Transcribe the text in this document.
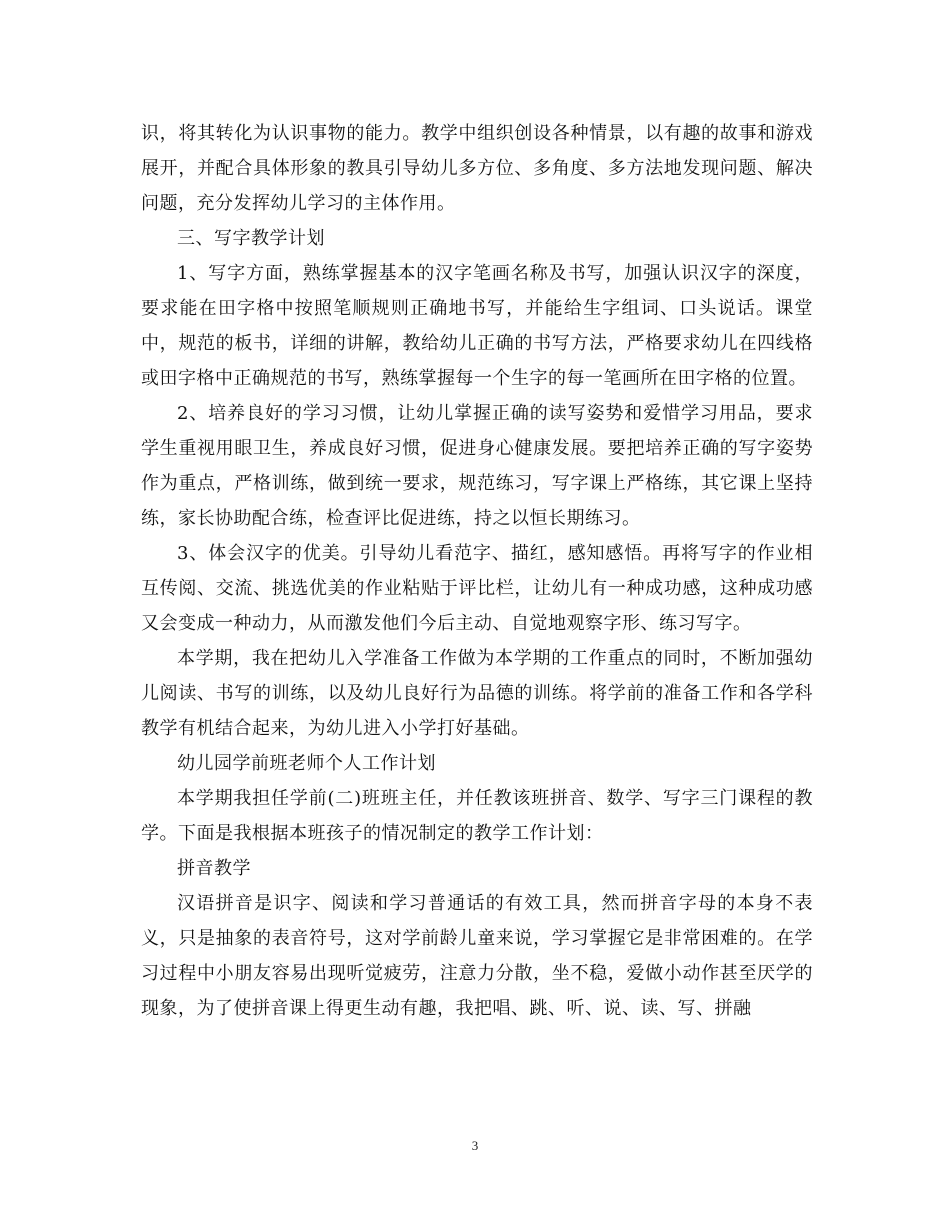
识，将其转化为认识事物的能力。教学中组织创设各种情景，以有趣的故事和游戏展开，并配合具体形象的教具引导幼儿多方位、多角度、多方法地发现问题、解决问题，充分发挥幼儿学习的主体作用。

三、写字教学计划

1、写字方面，熟练掌握基本的汉字笔画名称及书写，加强认识汉字的深度，要求能在田字格中按照笔顺规则正确地书写，并能给生字组词、口头说话。课堂中，规范的板书，详细的讲解，教给幼儿正确的书写方法，严格要求幼儿在四线格或田字格中正确规范的书写，熟练掌握每一个生字的每一笔画所在田字格的位置。

2、培养良好的学习习惯，让幼儿掌握正确的读写姿势和爱惜学习用品，要求学生重视用眼卫生，养成良好习惯，促进身心健康发展。要把培养正确的写字姿势作为重点，严格训练，做到统一要求，规范练习，写字课上严格练，其它课上坚持练，家长协助配合练，检查评比促进练，持之以恒长期练习。

3、体会汉字的优美。引导幼儿看范字、描红，感知感悟。再将写字的作业相互传阅、交流、挑选优美的作业粘贴于评比栏，让幼儿有一种成功感，这种成功感又会变成一种动力，从而激发他们今后主动、自觉地观察字形、练习写字。

本学期，我在把幼儿入学准备工作做为本学期的工作重点的同时，不断加强幼儿阅读、书写的训练，以及幼儿良好行为品德的训练。将学前的准备工作和各学科教学有机结合起来，为幼儿进入小学打好基础。

幼儿园学前班老师个人工作计划

本学期我担任学前(二)班班主任，并任教该班拼音、数学、写字三门课程的教学。下面是我根据本班孩子的情况制定的教学工作计划：

拼音教学

汉语拼音是识字、阅读和学习普通话的有效工具，然而拼音字母的本身不表义，只是抽象的表音符号，这对学前龄儿童来说，学习掌握它是非常困难的。在学习过程中小朋友容易出现听觉疲劳，注意力分散，坐不稳，爱做小动作甚至厌学的现象，为了使拼音课上得更生动有趣，我把唱、跳、听、说、读、写、拼融

3
